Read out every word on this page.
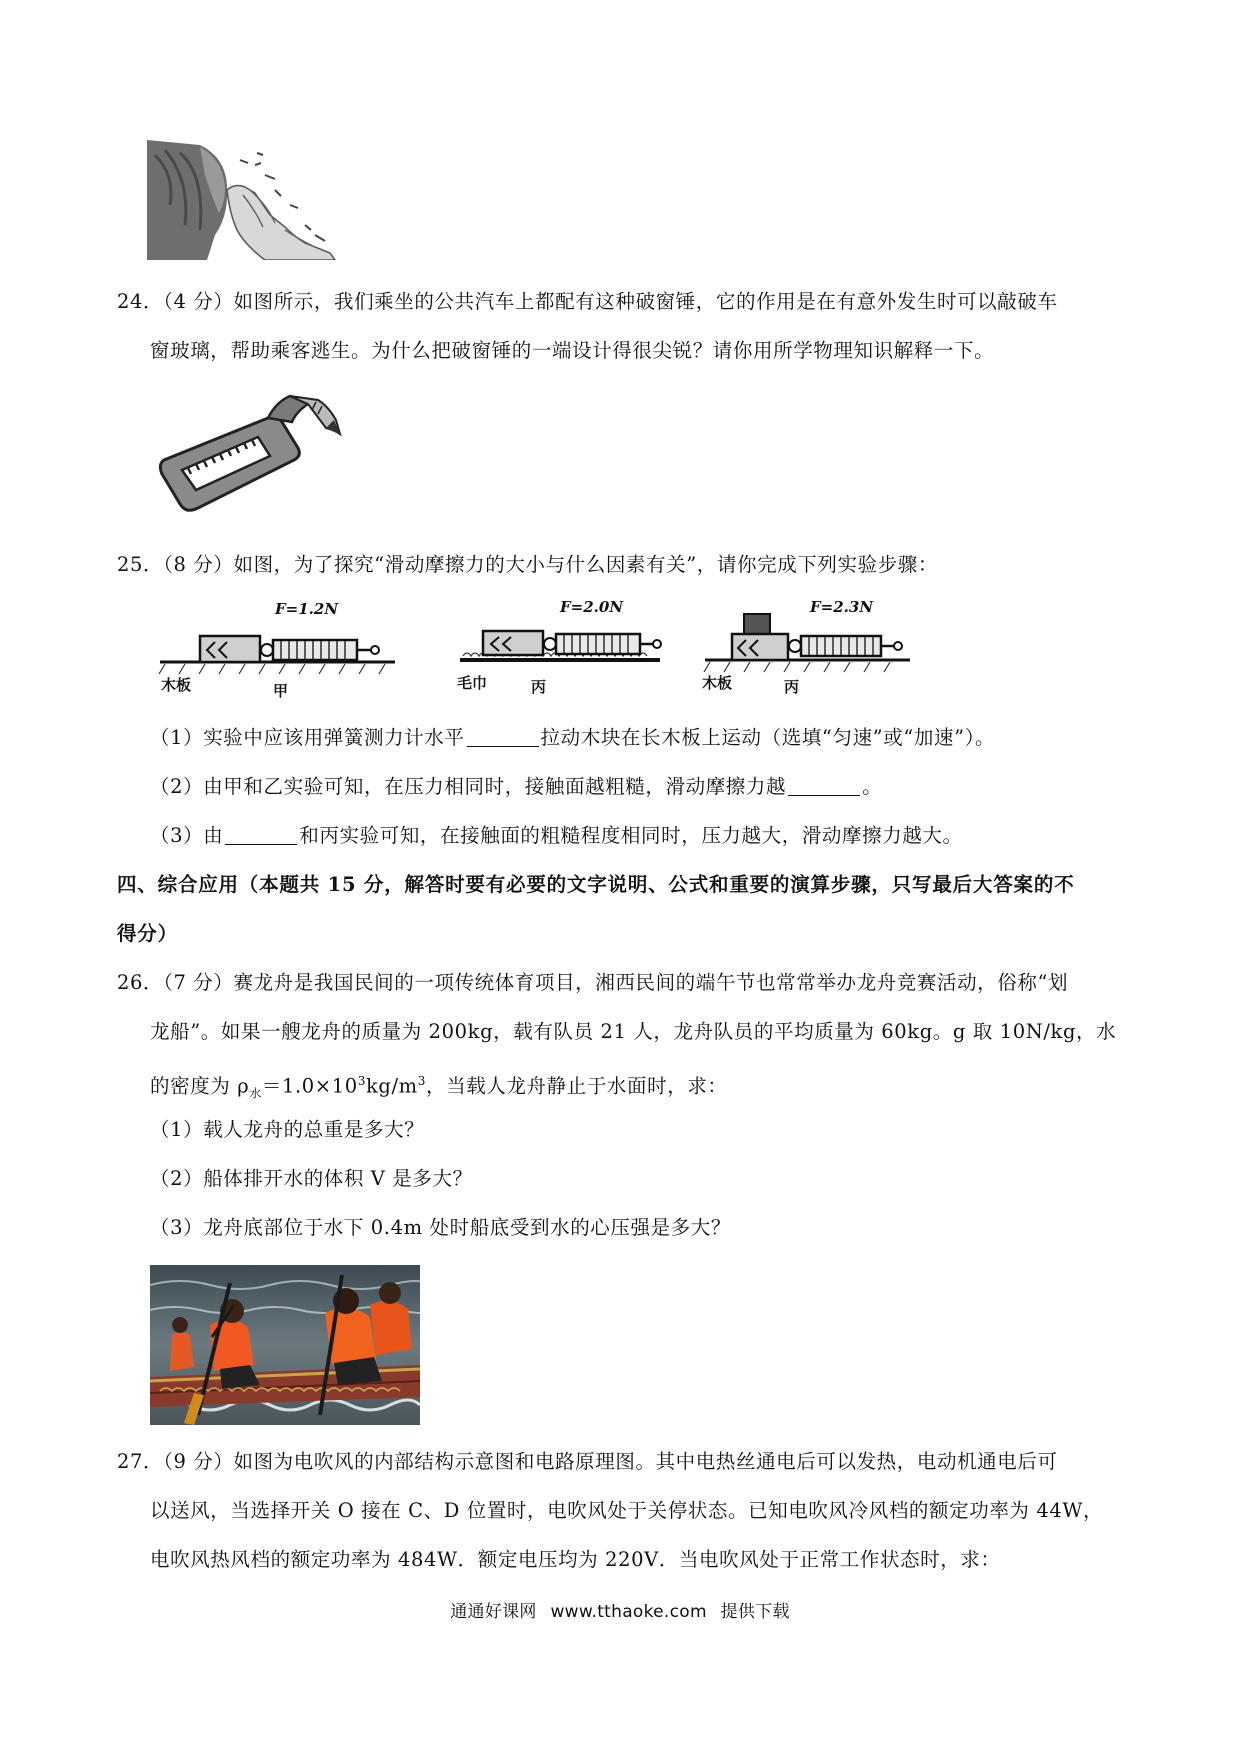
24．（4 分）如图所示，我们乘坐的公共汽车上都配有这种破窗锤，它的作用是在有意外发生时可以敲破车
窗玻璃，帮助乘客逃生。为什么把破窗锤的一端设计得很尖锐？请你用所学物理知识解释一下。
25．（8 分）如图，为了探究“滑动摩擦力的大小与什么因素有关”，请你完成下列实验步骤：
F=1.2N
木板	甲
F=2.0N
毛巾	丙
F=2.3N
木板	丙
（1）实验中应该用弹簧测力计水平	拉动木块在长木板上运动（选填“匀速”或“加速”）。
（2）由甲和乙实验可知，在压力相同时，接触面越粗糙，滑动摩擦力越	。
（3）由	和丙实验可知，在接触面的粗糙程度相同时，压力越大，滑动摩擦力越大。
四、综合应用（本题共 15 分，解答时要有必要的文字说明、公式和重要的演算步骤，只写最后大答案的不
得分）
26．（7 分）赛龙舟是我国民间的一项传统体育项目，湘西民间的端午节也常常举办龙舟竞赛活动，俗称“划
龙船”。如果一艘龙舟的质量为 200kg，载有队员 21 人，龙舟队员的平均质量为 60kg。g 取 10N/kg，水
的密度为 $\rho_水=1.0\times 10^3kg/m^3$，当载人龙舟静止于水面时，求：
（1）载人龙舟的总重是多大？
（2）船体排开水的体积 V 是多大？
（3）龙舟底部位于水下 0.4m 处时船底受到水的心压强是多大？
27．（9 分）如图为电吹风的内部结构示意图和电路原理图。其中电热丝通电后可以发热，电动机通电后可
以送风，当选择开关 O 接在 C、D 位置时，电吹风处于关停状态。已知电吹风冷风档的额定功率为 44W，
电吹风热风档的额定功率为 484W．额定电压均为 220V．当电吹风处于正常工作状态时，求：
通通好课网 www.tthaoke.com 提供下载
